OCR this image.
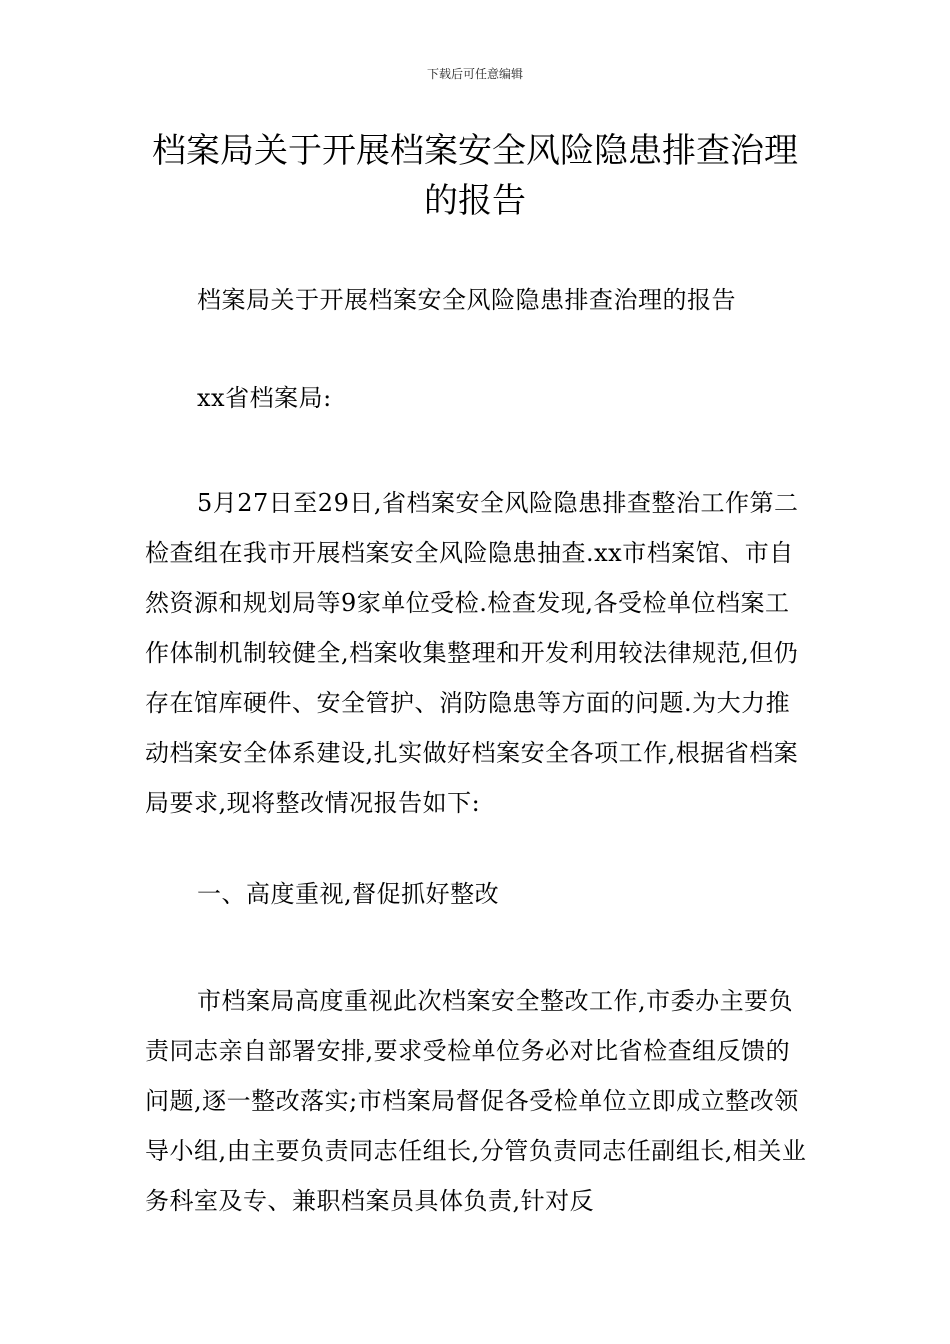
下载后可任意编辑
档案局关于开展档案安全风险隐患排查治理的报告

档案局关于开展档案安全风险隐患排查治理的报告

xx省档案局:

5月27日至29日,省档案安全风险隐患排查整治工作第二检查组在我市开展档案安全风险隐患抽查.xx市档案馆、市自然资源和规划局等9家单位受检.检查发现,各受检单位档案工作体制机制较健全,档案收集整理和开发利用较法律规范,但仍存在馆库硬件、安全管护、消防隐患等方面的问题.为大力推动档案安全体系建设,扎实做好档案安全各项工作,根据省档案局要求,现将整改情况报告如下:

一、高度重视,督促抓好整改

市档案局高度重视此次档案安全整改工作,市委办主要负责同志亲自部署安排,要求受检单位务必对比省检查组反馈的问题,逐一整改落实;市档案局督促各受检单位立即成立整改领导小组,由主要负责同志任组长,分管负责同志任副组长,相关业务科室及专、兼职档案员具体负责,针对反
